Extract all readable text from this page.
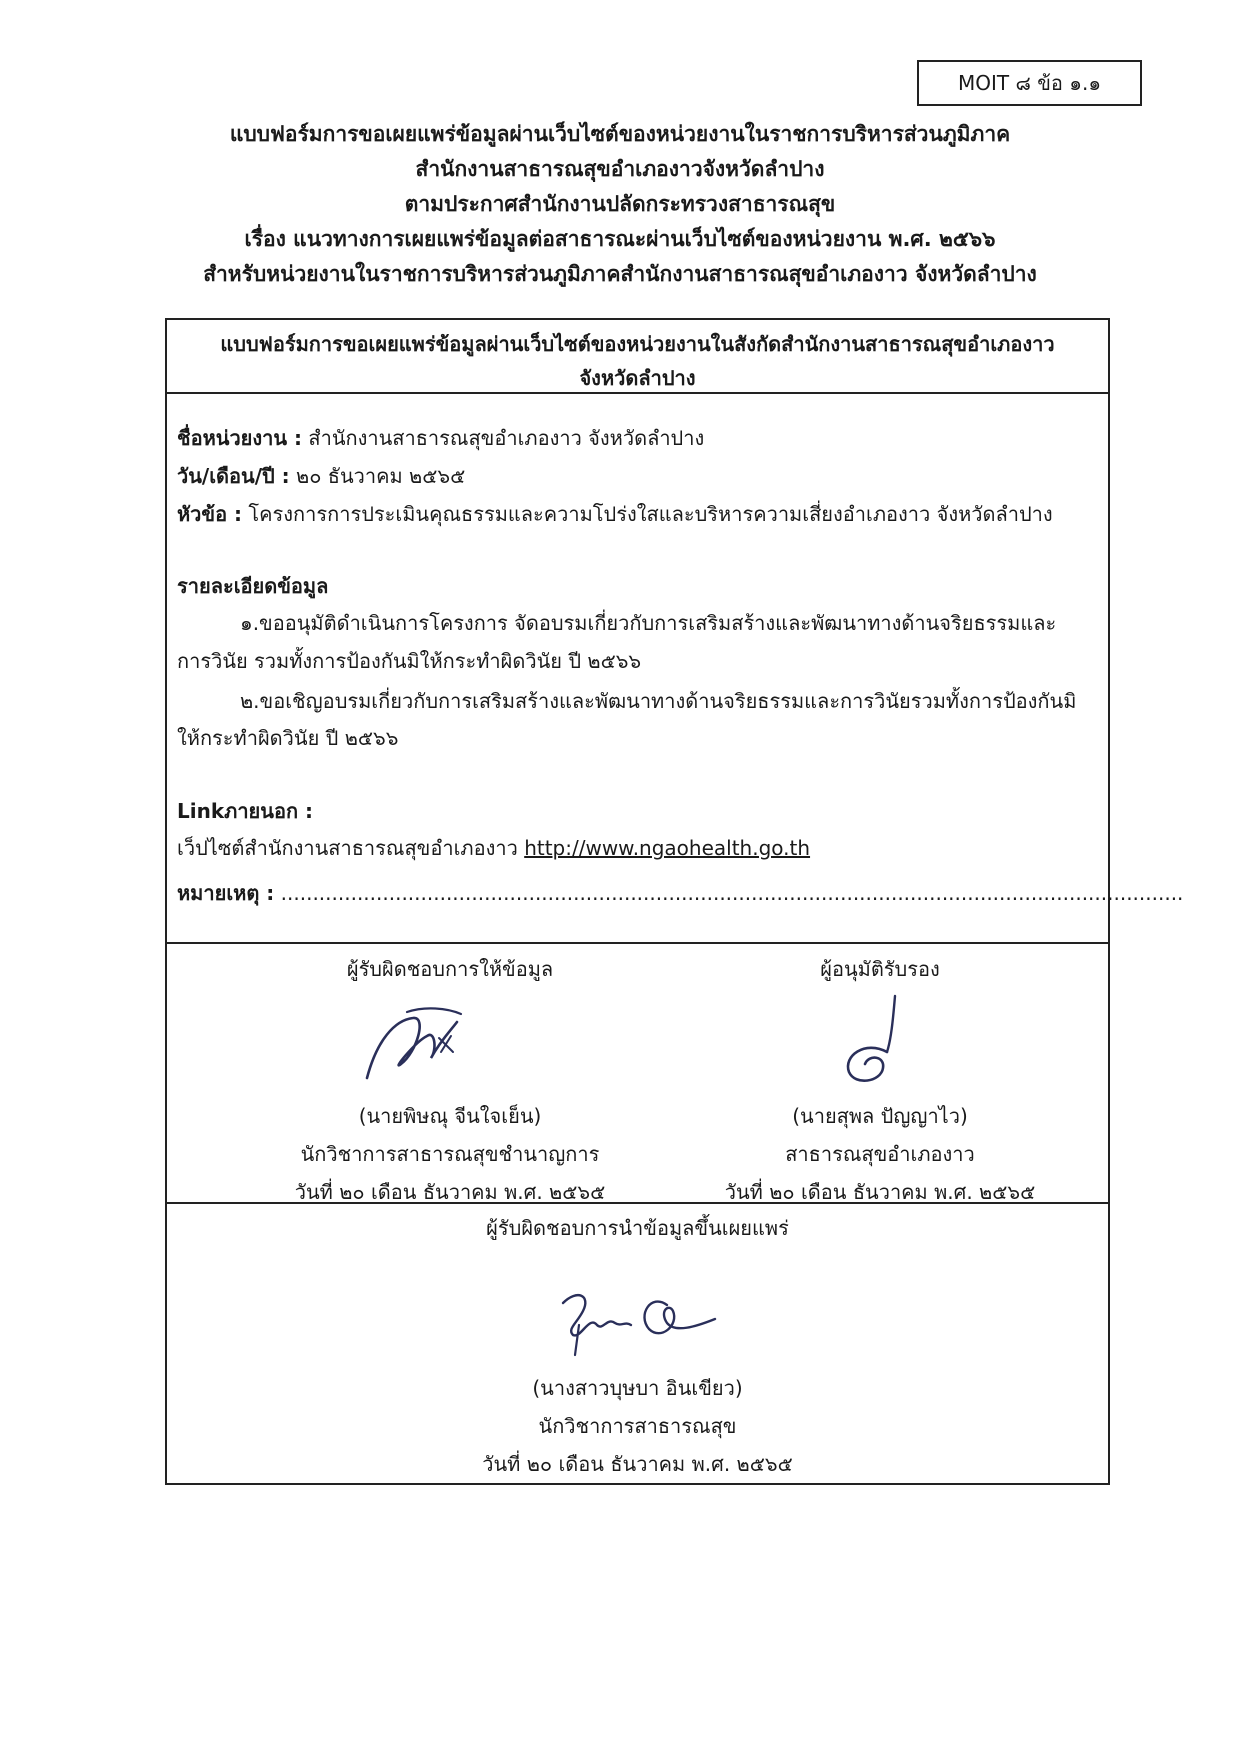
MOIT ๘ ข้อ ๑.๑
แบบฟอร์มการขอเผยแพร่ข้อมูลผ่านเว็บไซต์ของหน่วยงานในราชการบริหารส่วนภูมิภาค
สำนักงานสาธารณสุขอำเภองาวจังหวัดลำปาง
ตามประกาศสำนักงานปลัดกระทรวงสาธารณสุข
เรื่อง แนวทางการเผยแพร่ข้อมูลต่อสาธารณะผ่านเว็บไซต์ของหน่วยงาน พ.ศ. ๒๕๖๖
สำหรับหน่วยงานในราชการบริหารส่วนภูมิภาคสำนักงานสาธารณสุขอำเภองาว จังหวัดลำปาง
แบบฟอร์มการขอเผยแพร่ข้อมูลผ่านเว็บไซต์ของหน่วยงานในสังกัดสำนักงานสาธารณสุขอำเภองาว
จังหวัดลำปาง
ชื่อหน่วยงาน : สำนักงานสาธารณสุขอำเภองาว จังหวัดลำปาง
วัน/เดือน/ปี : ๒๐ ธันวาคม ๒๕๖๕
หัวข้อ : โครงการการประเมินคุณธรรมและความโปร่งใสและบริหารความเสี่ยงอำเภองาว จังหวัดลำปาง
รายละเอียดข้อมูล
๑.ขออนุมัติดำเนินการโครงการ จัดอบรมเกี่ยวกับการเสริมสร้างและพัฒนาทางด้านจริยธรรมและ
การวินัย รวมทั้งการป้องกันมิให้กระทำผิดวินัย ปี ๒๕๖๖
๒.ขอเชิญอบรมเกี่ยวกับการเสริมสร้างและพัฒนาทางด้านจริยธรรมและการวินัยรวมทั้งการป้องกันมิ
ให้กระทำผิดวินัย ปี ๒๕๖๖
Linkภายนอก :
เว็ปไซต์สำนักงานสาธารณสุขอำเภองาว http://www.ngaohealth.go.th
หมายเหตุ : ..............................................................................................................................................
ผู้รับผิดชอบการให้ข้อมูล
(นายพิษณุ จีนใจเย็น)
นักวิชาการสาธารณสุขชำนาญการ
วันที่ ๒๐ เดือน ธันวาคม พ.ศ. ๒๕๖๕
ผู้อนุมัติรับรอง
(นายสุพล ปัญญาไว)
สาธารณสุขอำเภองาว
วันที่ ๒๐ เดือน ธันวาคม พ.ศ. ๒๕๖๕
ผู้รับผิดชอบการนำข้อมูลขึ้นเผยแพร่
(นางสาวบุษบา อินเขียว)
นักวิชาการสาธารณสุข
วันที่ ๒๐ เดือน ธันวาคม พ.ศ. ๒๕๖๕
